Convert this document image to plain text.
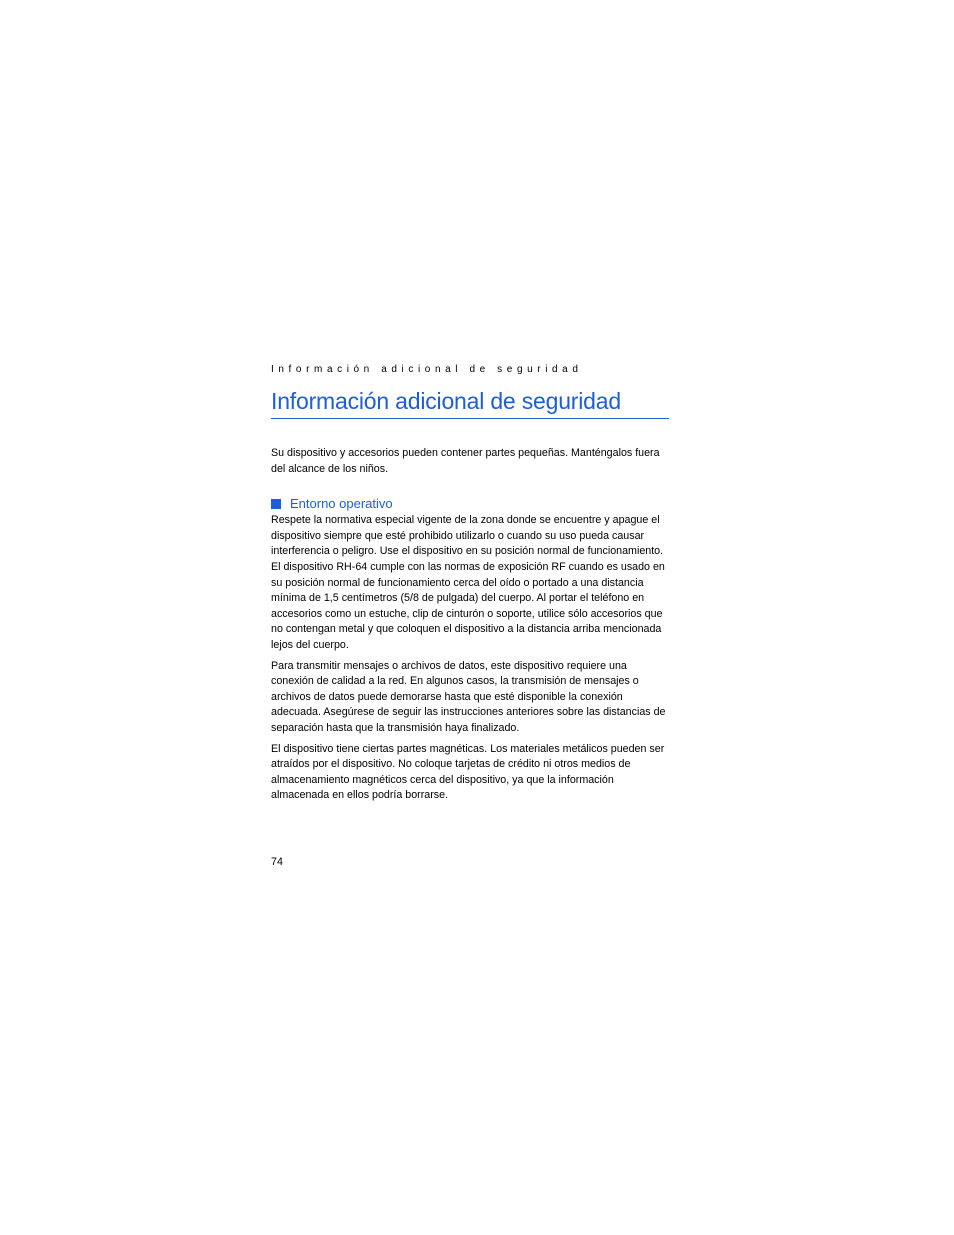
Información adicional de seguridad
Información adicional de seguridad

Su dispositivo y accesorios pueden contener partes pequeñas. Manténgalos fuera del alcance de los niños.

Entorno operativo

Respete la normativa especial vigente de la zona donde se encuentre y apague el dispositivo siempre que esté prohibido utilizarlo o cuando su uso pueda causar interferencia o peligro. Use el dispositivo en su posición normal de funcionamiento. El dispositivo RH-64 cumple con las normas de exposición RF cuando es usado en su posición normal de funcionamiento cerca del oído o portado a una distancia mínima de 1,5 centímetros (5/8 de pulgada) del cuerpo. Al portar el teléfono en accesorios como un estuche, clip de cinturón o soporte, utilice sólo accesorios que no contengan metal y que coloquen el dispositivo a la distancia arriba mencionada lejos del cuerpo.

Para transmitir mensajes o archivos de datos, este dispositivo requiere una conexión de calidad a la red. En algunos casos, la transmisión de mensajes o archivos de datos puede demorarse hasta que esté disponible la conexión adecuada. Asegúrese de seguir las instrucciones anteriores sobre las distancias de separación hasta que la transmisión haya finalizado.

El dispositivo tiene ciertas partes magnéticas. Los materiales metálicos pueden ser atraídos por el dispositivo. No coloque tarjetas de crédito ni otros medios de almacenamiento magnéticos cerca del dispositivo, ya que la información almacenada en ellos podría borrarse.

74
